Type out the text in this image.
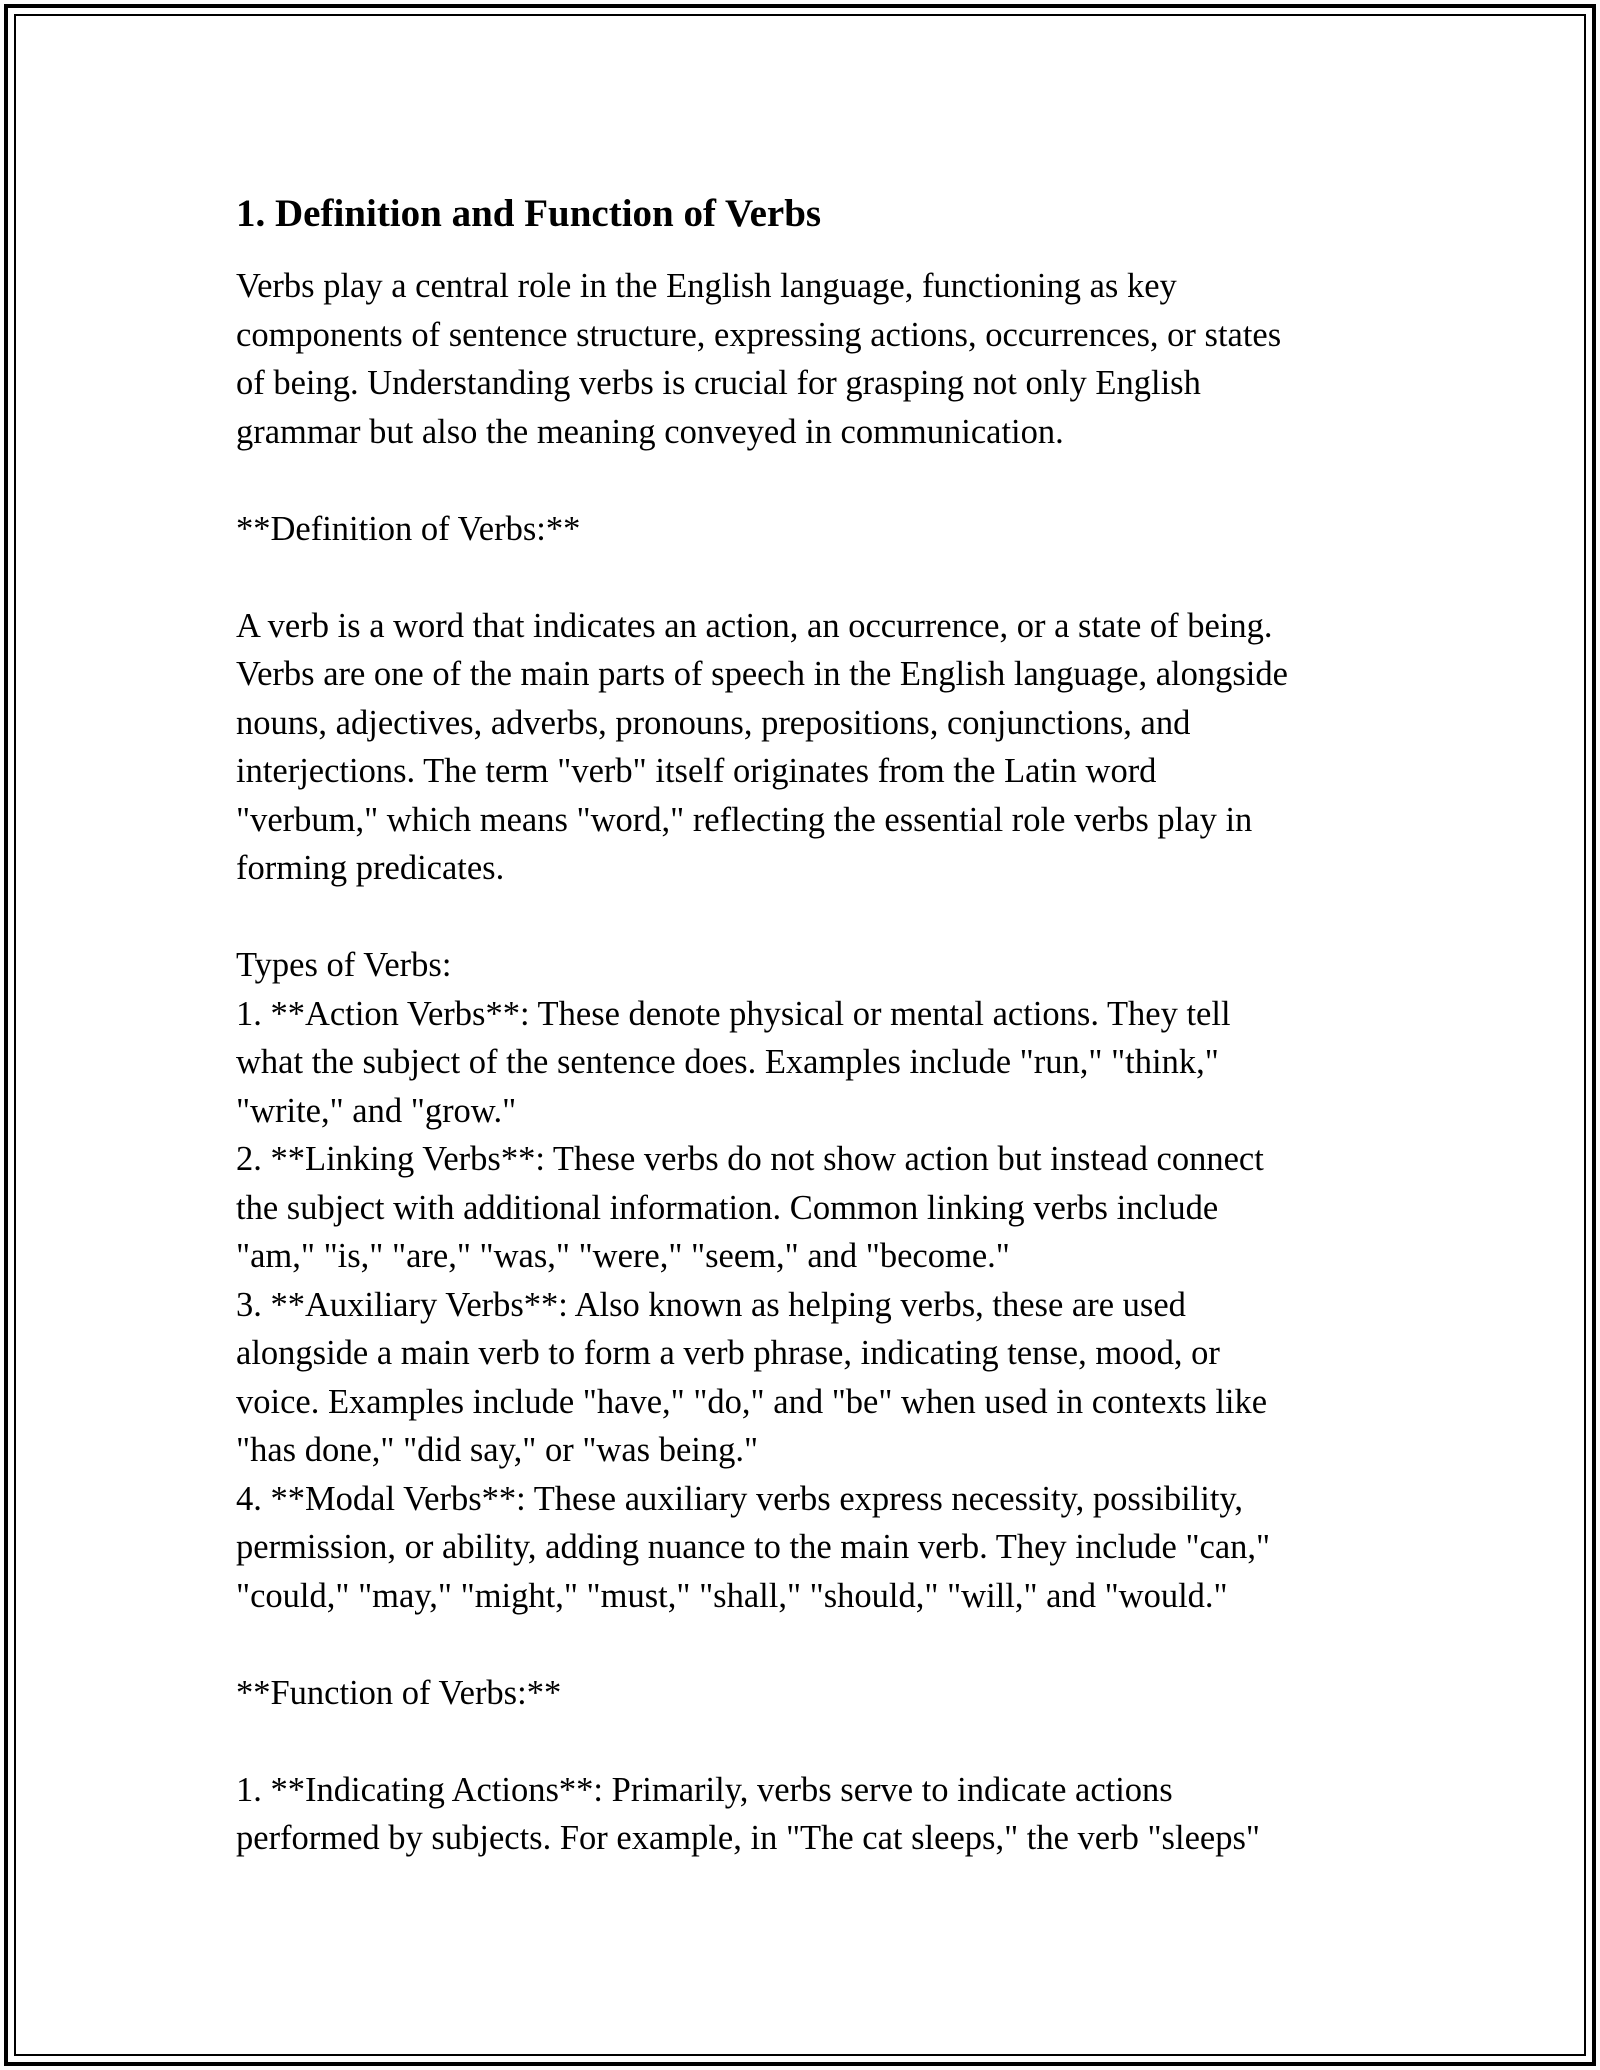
1. Definition and Function of Verbs
Verbs play a central role in the English language, functioning as key
components of sentence structure, expressing actions, occurrences, or states
of being. Understanding verbs is crucial for grasping not only English
grammar but also the meaning conveyed in communication.
**Definition of Verbs:**
A verb is a word that indicates an action, an occurrence, or a state of being.
Verbs are one of the main parts of speech in the English language, alongside
nouns, adjectives, adverbs, pronouns, prepositions, conjunctions, and
interjections. The term "verb" itself originates from the Latin word
"verbum," which means "word," reflecting the essential role verbs play in
forming predicates.
Types of Verbs:
1. **Action Verbs**: These denote physical or mental actions. They tell
what the subject of the sentence does. Examples include "run," "think,"
"write," and "grow."
2. **Linking Verbs**: These verbs do not show action but instead connect
the subject with additional information. Common linking verbs include
"am," "is," "are," "was," "were," "seem," and "become."
3. **Auxiliary Verbs**: Also known as helping verbs, these are used
alongside a main verb to form a verb phrase, indicating tense, mood, or
voice. Examples include "have," "do," and "be" when used in contexts like
"has done," "did say," or "was being."
4. **Modal Verbs**: These auxiliary verbs express necessity, possibility,
permission, or ability, adding nuance to the main verb. They include "can,"
"could," "may," "might," "must," "shall," "should," "will," and "would."
**Function of Verbs:**
1. **Indicating Actions**: Primarily, verbs serve to indicate actions
performed by subjects. For example, in "The cat sleeps," the verb "sleeps"
